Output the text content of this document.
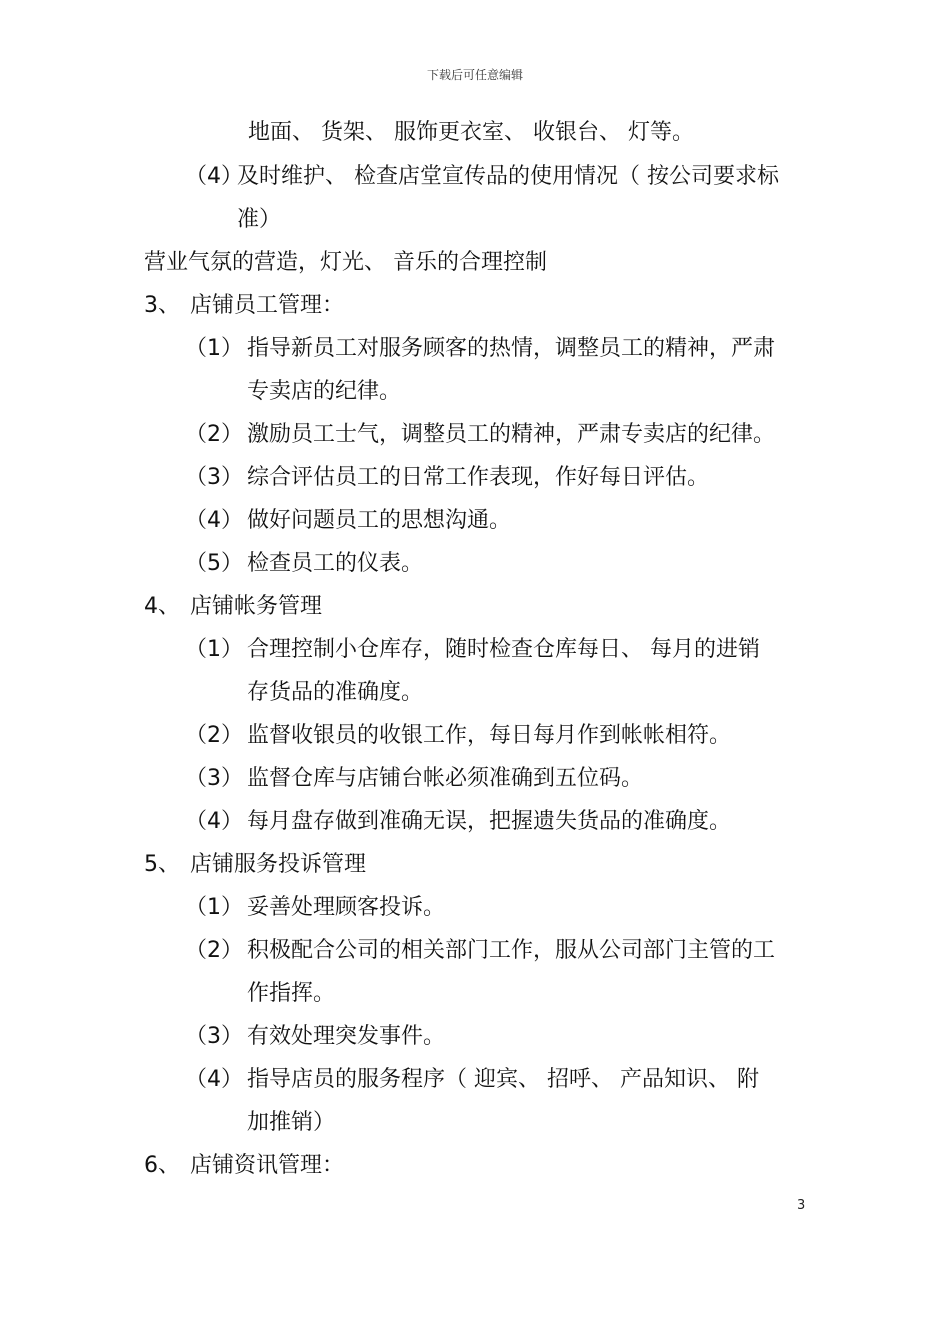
下载后可任意编辑
地面、 货架、 服饰更衣室、 收银台、 灯等。
（4）及时维护、 检查店堂宣传品的使用情况（ 按公司要求标
准）
营业气氛的营造，灯光、 音乐的合理控制
3、 店铺员工管理：
（1） 指导新员工对服务顾客的热情，调整员工的精神，严肃
专卖店的纪律。
（2） 激励员工士气，调整员工的精神，严肃专卖店的纪律。
（3） 综合评估员工的日常工作表现，作好每日评估。
（4） 做好问题员工的思想沟通。
（5） 检查员工的仪表。
4、 店铺帐务管理
（1） 合理控制小仓库存，随时检查仓库每日、 每月的进销
存货品的准确度。
（2） 监督收银员的收银工作，每日每月作到帐帐相符。
（3） 监督仓库与店铺台帐必须准确到五位码。
（4） 每月盘存做到准确无误，把握遗失货品的准确度。
5、 店铺服务投诉管理
（1） 妥善处理顾客投诉。
（2） 积极配合公司的相关部门工作，服从公司部门主管的工
作指挥。
（3） 有效处理突发事件。
（4） 指导店员的服务程序（ 迎宾、 招呼、 产品知识、 附
加推销）
6、 店铺资讯管理：
3
